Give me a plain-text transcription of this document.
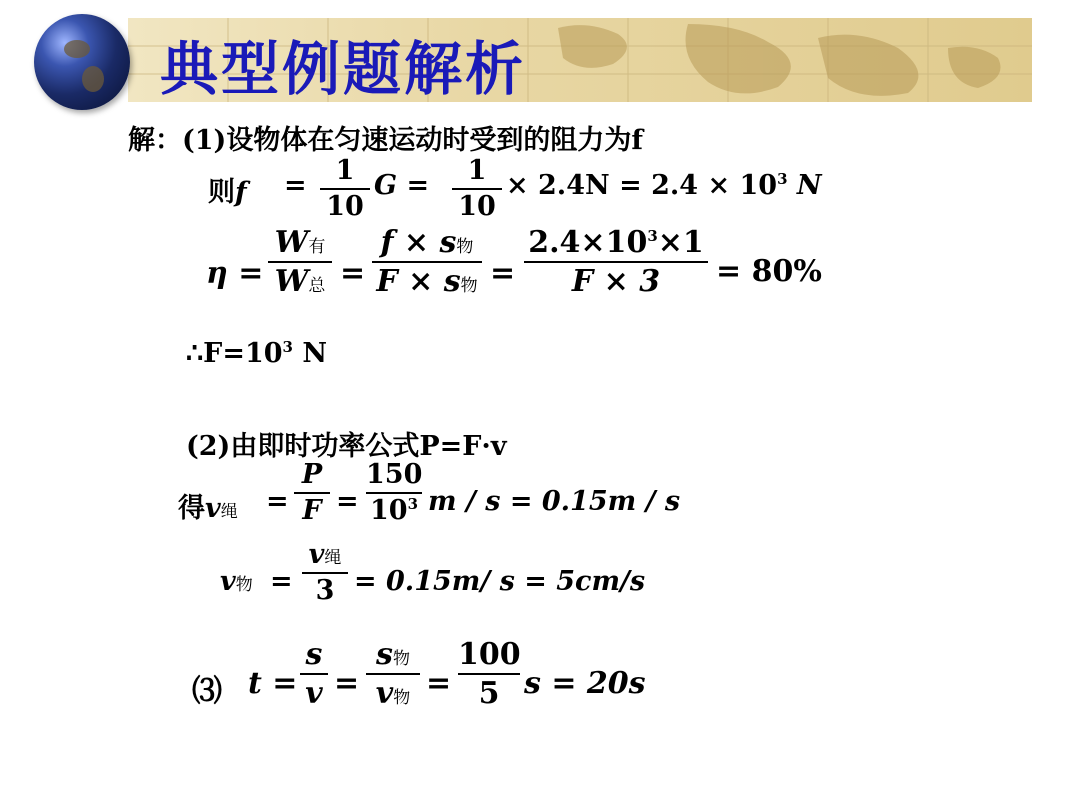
典型例题解析
解：(1)设物体在匀速运动时受到的阻力为f
则f =	1
10
G =	1
10
× $2.4N = 2.4 \times 10^3$ N
η =
W有
W总 =
f × s物
F × s物 =
$2.4\times 10^3\times 1$
F × 3	= 80%
$\therefore F=10^3$ N
(2)由即时功率公式P=F·v
得v绳 =
P
F =
150
$10^3$ m / s = 0.15m / s
v物 =
v绳
3 = 0.15m/ s = 5cm/s
⑶ t =
s
v =
s物
v物 =
100
5 s = 20s
